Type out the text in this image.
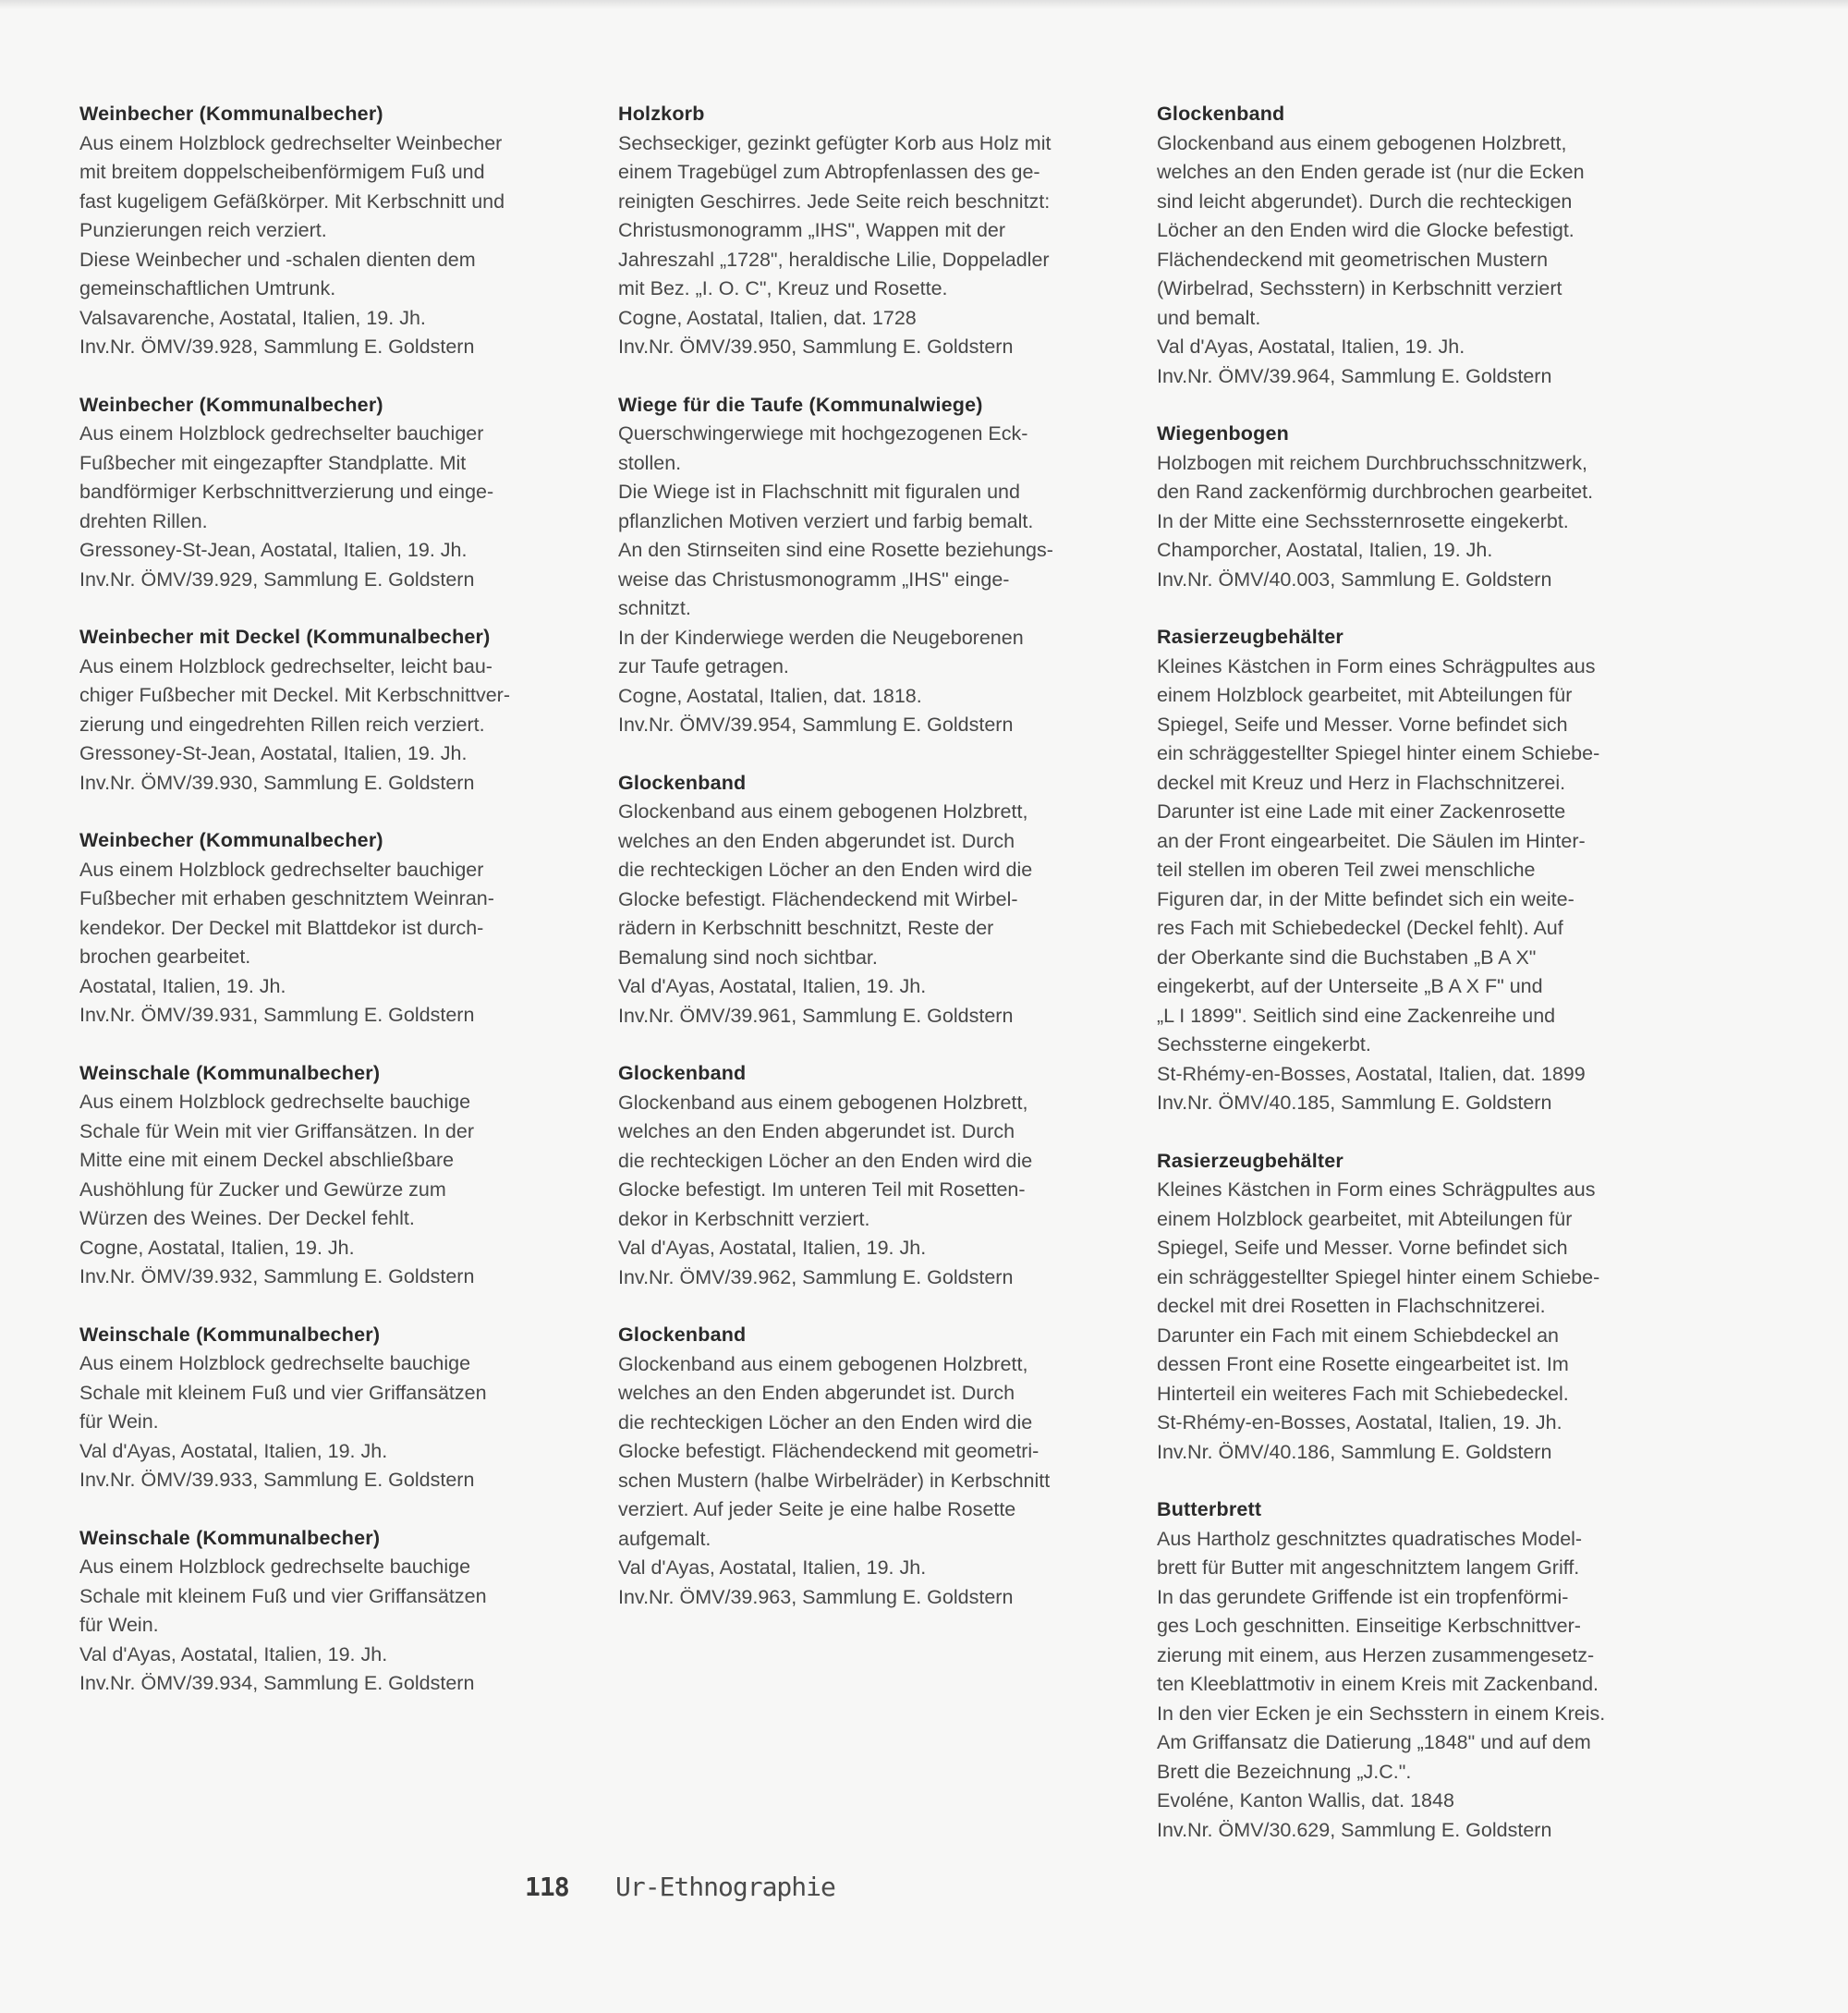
Weinbecher (Kommunalbecher)

Aus einem Holzblock gedrechselter Weinbecher
mit breitem doppelscheibenförmigem Fuß und
fast kugeligem Gefäßkörper. Mit Kerbschnitt und
Punzierungen reich verziert.
Diese Weinbecher und -schalen dienten dem
gemeinschaftlichen Umtrunk.

Valsavarenche, Aostatal, Italien, 19. Jh.

Inv.Nr. ÖMV/39.928, Sammlung E. Goldstern

Weinbecher (Kommunalbecher)

Aus einem Holzblock gedrechselter bauchiger
Fußbecher mit eingezapfter Standplatte. Mit
bandförmiger Kerbschnittverzierung und einge-
drehten Rillen.

Gressoney-St-Jean, Aostatal, Italien, 19. Jh.

Inv.Nr. ÖMV/39.929, Sammlung E. Goldstern

Weinbecher mit Deckel (Kommunalbecher)

Aus einem Holzblock gedrechselter, leicht bau-
chiger Fußbecher mit Deckel. Mit Kerbschnittver-
zierung und eingedrehten Rillen reich verziert.

Gressoney-St-Jean, Aostatal, Italien, 19. Jh.

Inv.Nr. ÖMV/39.930, Sammlung E. Goldstern

Weinbecher (Kommunalbecher)

Aus einem Holzblock gedrechselter bauchiger
Fußbecher mit erhaben geschnitztem Weinran-
kendekor. Der Deckel mit Blattdekor ist durch-
brochen gearbeitet.

Aostatal, Italien, 19. Jh.

Inv.Nr. ÖMV/39.931, Sammlung E. Goldstern

Weinschale (Kommunalbecher)

Aus einem Holzblock gedrechselte bauchige
Schale für Wein mit vier Griffansätzen. In der
Mitte eine mit einem Deckel abschließbare
Aushöhlung für Zucker und Gewürze zum
Würzen des Weines. Der Deckel fehlt.

Cogne, Aostatal, Italien, 19. Jh.

Inv.Nr. ÖMV/39.932, Sammlung E. Goldstern

Weinschale (Kommunalbecher)

Aus einem Holzblock gedrechselte bauchige
Schale mit kleinem Fuß und vier Griffansätzen
für Wein.

Val d'Ayas, Aostatal, Italien, 19. Jh.

Inv.Nr. ÖMV/39.933, Sammlung E. Goldstern

Weinschale (Kommunalbecher)

Aus einem Holzblock gedrechselte bauchige
Schale mit kleinem Fuß und vier Griffansätzen
für Wein.

Val d'Ayas, Aostatal, Italien, 19. Jh.

Inv.Nr. ÖMV/39.934, Sammlung E. Goldstern

Holzkorb

Sechseckiger, gezinkt gefügter Korb aus Holz mit
einem Tragebügel zum Abtropfenlassen des ge-
reinigten Geschirres. Jede Seite reich beschnitzt:
Christusmonogramm „IHS", Wappen mit der
Jahreszahl „1728", heraldische Lilie, Doppeladler
mit Bez. „I. O. C", Kreuz und Rosette.

Cogne, Aostatal, Italien, dat. 1728

Inv.Nr. ÖMV/39.950, Sammlung E. Goldstern

Wiege für die Taufe (Kommunalwiege)

Querschwingerwiege mit hochgezogenen Eck-
stollen.
Die Wiege ist in Flachschnitt mit figuralen und
pflanzlichen Motiven verziert und farbig bemalt.
An den Stirnseiten sind eine Rosette beziehungs-
weise das Christusmonogramm „IHS" einge-
schnitzt.
In der Kinderwiege werden die Neugeborenen
zur Taufe getragen.

Cogne, Aostatal, Italien, dat. 1818.

Inv.Nr. ÖMV/39.954, Sammlung E. Goldstern

Glockenband

Glockenband aus einem gebogenen Holzbrett,
welches an den Enden abgerundet ist. Durch
die rechteckigen Löcher an den Enden wird die
Glocke befestigt. Flächendeckend mit Wirbel-
rädern in Kerbschnitt beschnitzt, Reste der
Bemalung sind noch sichtbar.

Val d'Ayas, Aostatal, Italien, 19. Jh.

Inv.Nr. ÖMV/39.961, Sammlung E. Goldstern

Glockenband

Glockenband aus einem gebogenen Holzbrett,
welches an den Enden abgerundet ist. Durch
die rechteckigen Löcher an den Enden wird die
Glocke befestigt. Im unteren Teil mit Rosetten-
dekor in Kerbschnitt verziert.

Val d'Ayas, Aostatal, Italien, 19. Jh.

Inv.Nr. ÖMV/39.962, Sammlung E. Goldstern

Glockenband

Glockenband aus einem gebogenen Holzbrett,
welches an den Enden abgerundet ist. Durch
die rechteckigen Löcher an den Enden wird die
Glocke befestigt. Flächendeckend mit geometri-
schen Mustern (halbe Wirbelräder) in Kerbschnitt
verziert. Auf jeder Seite je eine halbe Rosette
aufgemalt.

Val d'Ayas, Aostatal, Italien, 19. Jh.

Inv.Nr. ÖMV/39.963, Sammlung E. Goldstern

Glockenband

Glockenband aus einem gebogenen Holzbrett,
welches an den Enden gerade ist (nur die Ecken
sind leicht abgerundet). Durch die rechteckigen
Löcher an den Enden wird die Glocke befestigt.
Flächendeckend mit geometrischen Mustern
(Wirbelrad, Sechsstern) in Kerbschnitt verziert
und bemalt.

Val d'Ayas, Aostatal, Italien, 19. Jh.

Inv.Nr. ÖMV/39.964, Sammlung E. Goldstern

Wiegenbogen

Holzbogen mit reichem Durchbruchsschnitzwerk,
den Rand zackenförmig durchbrochen gearbeitet.
In der Mitte eine Sechssternrosette eingekerbt.

Champorcher, Aostatal, Italien, 19. Jh.

Inv.Nr. ÖMV/40.003, Sammlung E. Goldstern

Rasierzeugbehälter

Kleines Kästchen in Form eines Schrägpultes aus
einem Holzblock gearbeitet, mit Abteilungen für
Spiegel, Seife und Messer. Vorne befindet sich
ein schräggestellter Spiegel hinter einem Schiebe-
deckel mit Kreuz und Herz in Flachschnitzerei.
Darunter ist eine Lade mit einer Zackenrosette
an der Front eingearbeitet. Die Säulen im Hinter-
teil stellen im oberen Teil zwei menschliche
Figuren dar, in der Mitte befindet sich ein weite-
res Fach mit Schiebedeckel (Deckel fehlt). Auf
der Oberkante sind die Buchstaben „B A X"
eingekerbt, auf der Unterseite „B A X F" und
„L I 1899". Seitlich sind eine Zackenreihe und
Sechssterne eingekerbt.

St-Rhémy-en-Bosses, Aostatal, Italien, dat. 1899

Inv.Nr. ÖMV/40.185, Sammlung E. Goldstern

Rasierzeugbehälter

Kleines Kästchen in Form eines Schrägpultes aus
einem Holzblock gearbeitet, mit Abteilungen für
Spiegel, Seife und Messer. Vorne befindet sich
ein schräggestellter Spiegel hinter einem Schiebe-
deckel mit drei Rosetten in Flachschnitzerei.
Darunter ein Fach mit einem Schiebdeckel an
dessen Front eine Rosette eingearbeitet ist. Im
Hinterteil ein weiteres Fach mit Schiebedeckel.

St-Rhémy-en-Bosses, Aostatal, Italien, 19. Jh.

Inv.Nr. ÖMV/40.186, Sammlung E. Goldstern

Butterbrett

Aus Hartholz geschnitztes quadratisches Model-
brett für Butter mit angeschnitztem langem Griff.
In das gerundete Griffende ist ein tropfenförmi-
ges Loch geschnitten. Einseitige Kerbschnittver-
zierung mit einem, aus Herzen zusammengesetz-
ten Kleeblattmotiv in einem Kreis mit Zackenband.
In den vier Ecken je ein Sechsstern in einem Kreis.
Am Griffansatz die Datierung „1848" und auf dem
Brett die Bezeichnung „J.C.".

Evoléne, Kanton Wallis, dat. 1848

Inv.Nr. ÖMV/30.629, Sammlung E. Goldstern

118 Ur-Ethnographie
